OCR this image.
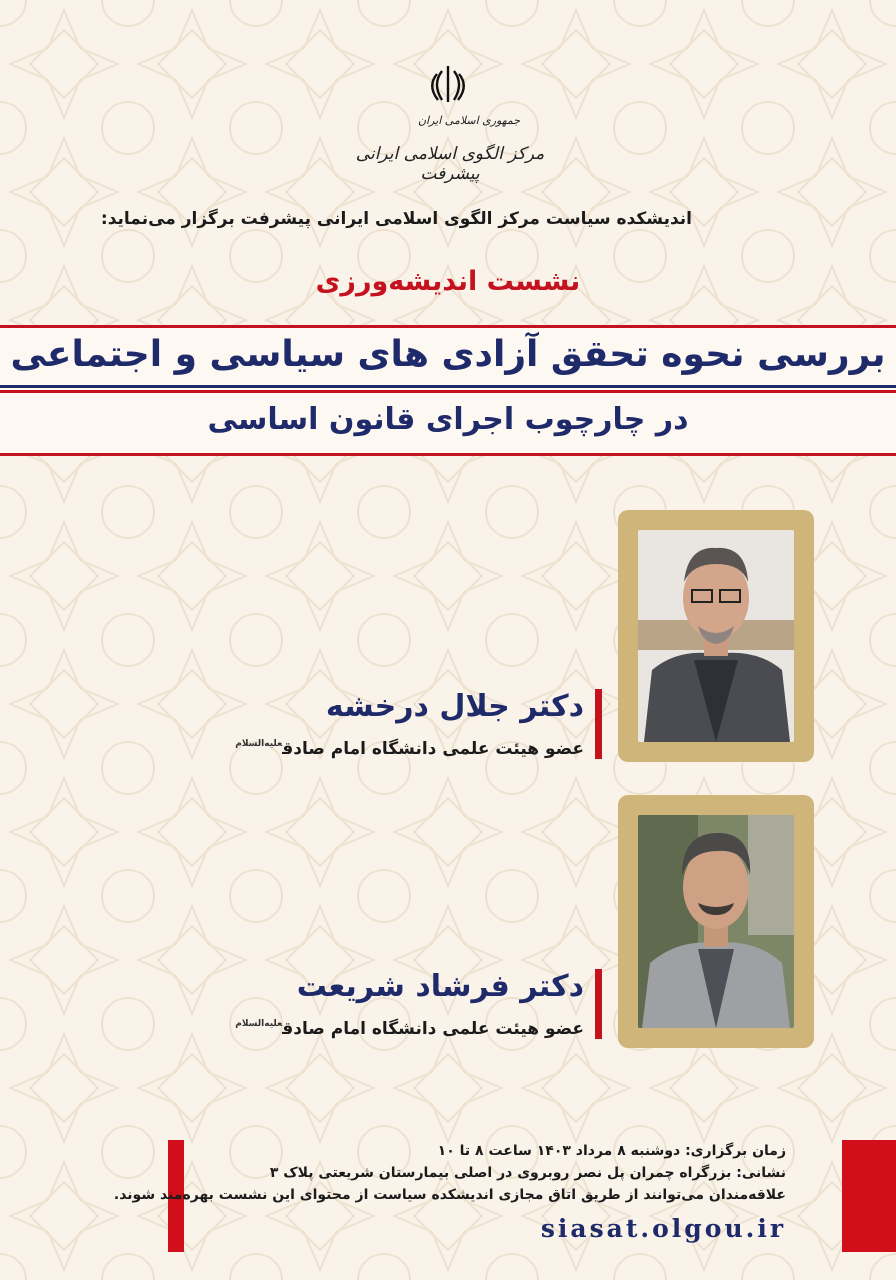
جمهوری اسلامی ایران
مرکز الگوی اسلامی ایرانی پیشرفت
اندیشکده سیاست مرکز الگوی اسلامی ایرانی پیشرفت برگزار می‌نماید:
نشست اندیشه‌ورزی
بررسی نحوه تحقق آزادی های سیاسی و اجتماعی
در چارچوب اجرای قانون اساسی
دکتر جلال درخشه
عضو هیئت علمی دانشگاه امام صادق$^{علیه‌السلام}$
دکتر فرشاد شریعت
عضو هیئت علمی دانشگاه امام صادق$^{علیه‌السلام}$
زمان برگزاری: دوشنبه ۸ مرداد ۱۴۰۳ ساعت ۸ تا ۱۰
نشانی: بزرگراه چمران پل نصر روبروی در اصلی بیمارستان شریعتی پلاک ۳
علاقه‌مندان می‌توانند از طریق اتاق مجازی اندیشکده سیاست از محتوای این نشست بهره‌مند شوند.
siasat.olgou.ir
